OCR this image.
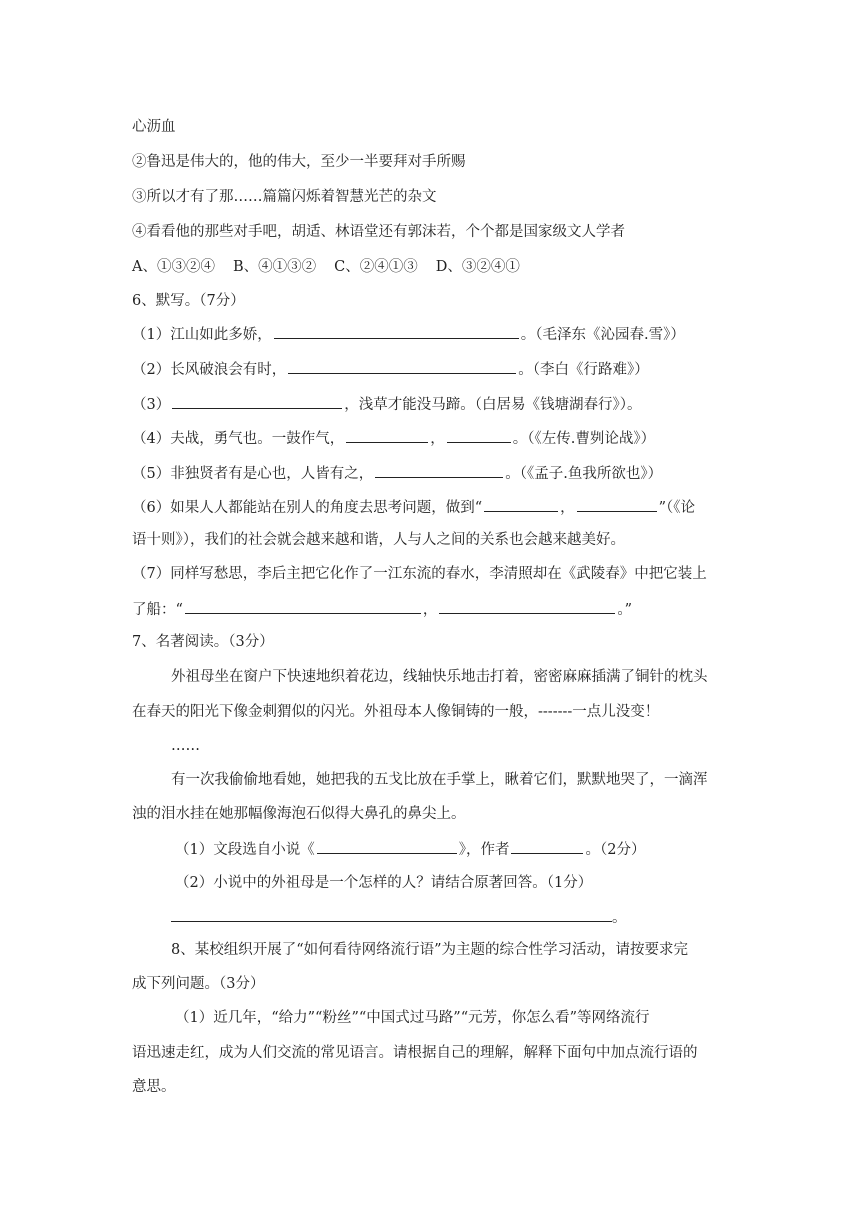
心沥血
②鲁迅是伟大的，他的伟大，至少一半要拜对手所赐
③所以才有了那……篇篇闪烁着智慧光芒的杂文
④看看他的那些对手吧，胡适、林语堂还有郭沫若，个个都是国家级文人学者
A、①③②④ B、④①③② C、②④①③ D、③②④①
6、默写。（7分）
（1）江山如此多娇，	。（毛泽东《沁园春.雪》）
（2）长风破浪会有时，	。（李白《行路难》）
（3）	，浅草才能没马蹄。（白居易《钱塘湖春行》）。
（4）夫战，勇气也。一鼓作气，	，	。（《左传.曹刿论战》）
（5）非独贤者有是心也，人皆有之，	。（《孟子.鱼我所欲也》）
（6）如果人人都能站在别人的角度去思考问题，做到“	，	”（《论
语十则》），我们的社会就会越来越和谐，人与人之间的关系也会越来越美好。
（7）同样写愁思，李后主把它化作了一江东流的春水，李清照却在《武陵春》中把它装上
了船：“	，	。”
7、名著阅读。（3分）
外祖母坐在窗户下快速地织着花边，线轴快乐地击打着，密密麻麻插满了铜针的枕头
在春天的阳光下像金刺猬似的闪光。外祖母本人像铜铸的一般，-------一点儿没变！
……
有一次我偷偷地看她，她把我的五戈比放在手掌上，瞅着它们，默默地哭了，一滴浑
浊的泪水挂在她那幅像海泡石似得大鼻孔的鼻尖上。
（1）文段选自小说《	》，作者	。（2分）
（2）小说中的外祖母是一个怎样的人？请结合原著回答。（1分）
。
8、某校组织开展了“如何看待网络流行语”为主题的综合性学习活动，请按要求完
成下列问题。（3分）
（1）近几年，“给力”“粉丝”“中国式过马路”“元芳，你怎么看”等网络流行
语迅速走红，成为人们交流的常见语言。请根据自己的理解，解释下面句中加点流行语的
意思。
